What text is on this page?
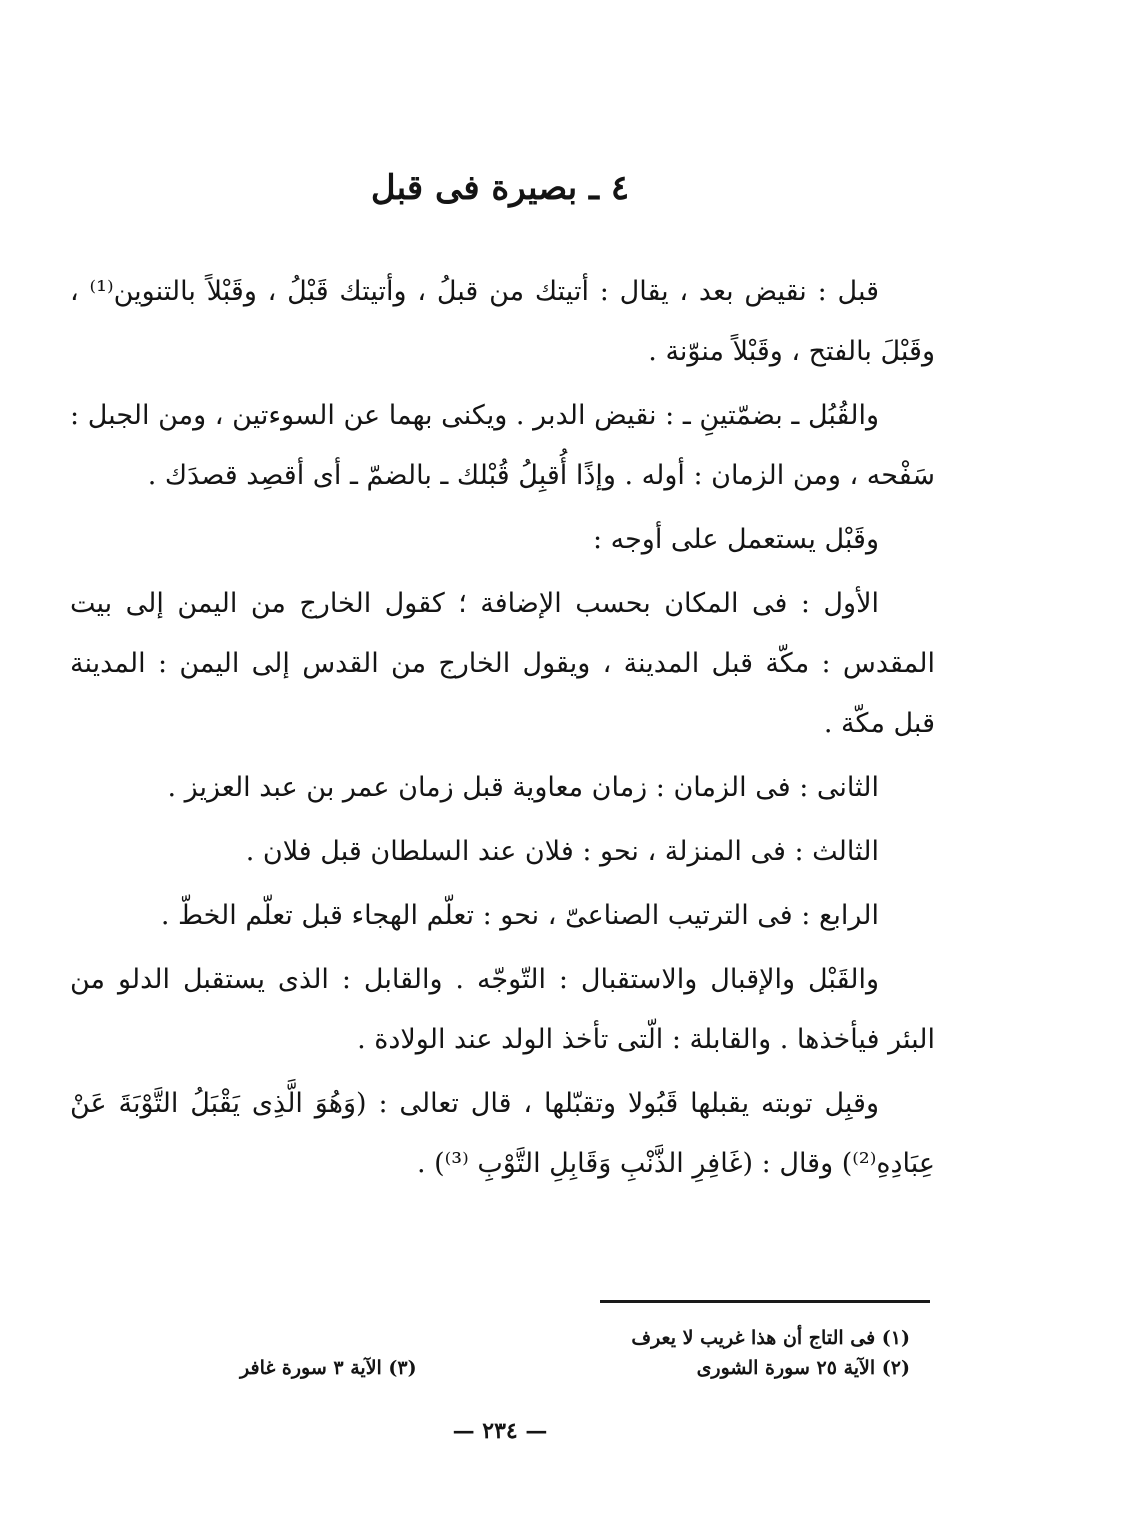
٤ ـ بصيرة فى قبل

قبل : نقيض بعد ، يقال : أتيتك من قبلُ ، وأتيتك قَبْلُ ، وقَبْلاً بالتنوين⁽¹⁾ ، وقَبْلَ بالفتح ، وقَبْلاً منوّنة .

والقُبُل ـ بضمّتينِ ـ : نقيض الدبر . ويكنى بهما عن السوءتين ، ومن الجبل : سَفْحه ، ومن الزمان : أوله . وإذًا أُقبِلُ قُبْلك ـ بالضمّ ـ أى أقصِد قصدَك .

وقَبْل يستعمل على أوجه :

الأول : فى المكان بحسب الإضافة ؛ كقول الخارج من اليمن إلى بيت المقدس : مكّة قبل المدينة ، ويقول الخارج من القدس إلى اليمن : المدينة قبل مكّة .

الثانى : فى الزمان : زمان معاوية قبل زمان عمر بن عبد العزيز .

الثالث : فى المنزلة ، نحو : فلان عند السلطان قبل فلان .

الرابع : فى الترتيب الصناعىّ ، نحو : تعلّم الهجاء قبل تعلّم الخطّ .

والقَبْل والإقبال والاستقبال : التّوجّه . والقابل : الذى يستقبل الدلو من البئر فيأخذها . والقابلة : الّتى تأخذ الولد عند الولادة .

وقبِل توبته يقبلها قَبُولا وتقبّلها ، قال تعالى : (وَهُوَ الَّذِى يَقْبَلُ التَّوْبَةَ عَنْ عِبَادِهِ⁽²⁾) وقال : (غَافِرِ الذَّنْبِ وَقَابِلِ التَّوْبِ ⁽³⁾) .

(١) فى التاج أن هذا غريب لا يعرف
(٢) الآية ٢٥ سورة الشورى
(٣) الآية ٣ سورة غافر
— ٢٣٤ —
